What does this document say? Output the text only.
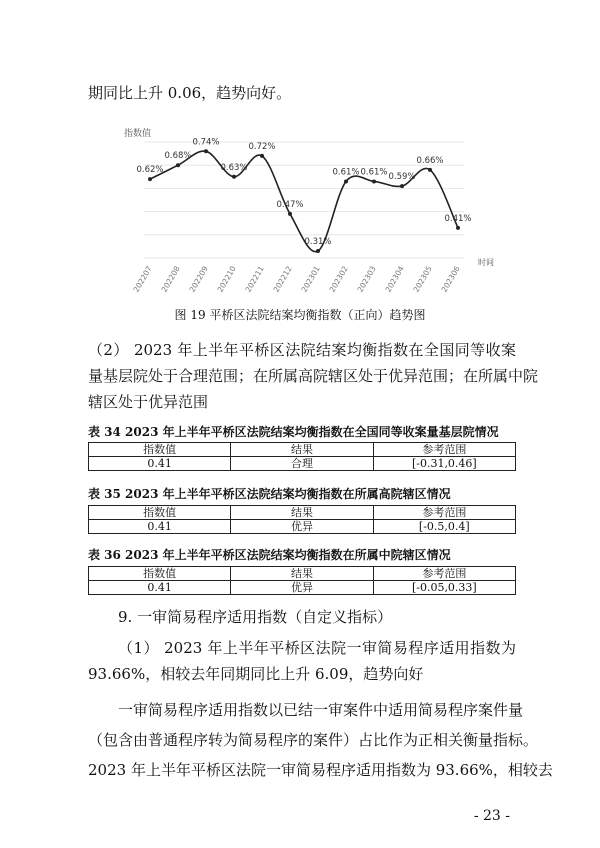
期同比上升 0.06，趋势向好。
指数值
时间
0.62%
0.68%
0.74%
0.63%
0.72%
0.47%
0.31%
0.61% 0.61% 0.59%
0.66%
0.41%
202207 202208 202209 202210 202211 202212 202301 202302 202303 202304 202305 202306
图 19 平桥区法院结案均衡指数（正向）趋势图

（2） 2023 年上半年平桥区法院结案均衡指数在全国同等收案

量基层院处于合理范围；在所属高院辖区处于优异范围；在所属中院

辖区处于优异范围

表 34 2023 年上半年平桥区法院结案均衡指数在全国同等收案量基层院情况
指数值	结果	参考范围
0.41	合理	[-0.31,0.46]
表 35 2023 年上半年平桥区法院结案均衡指数在所属高院辖区情况
指数值	结果	参考范围
0.41	优异	[-0.5,0.4]
表 36 2023 年上半年平桥区法院结案均衡指数在所属中院辖区情况
指数值	结果	参考范围
0.41	优异	[-0.05,0.33]
9. 一审简易程序适用指数（自定义指标）

（1） 2023 年上半年平桥区法院一审简易程序适用指数为

93.66%，相较去年同期同比上升 6.09，趋势向好

一审简易程序适用指数以已结一审案件中适用简易程序案件量

（包含由普通程序转为简易程序的案件）占比作为正相关衡量指标。

2023 年上半年平桥区法院一审简易程序适用指数为 93.66%，相较去

- 23 -
